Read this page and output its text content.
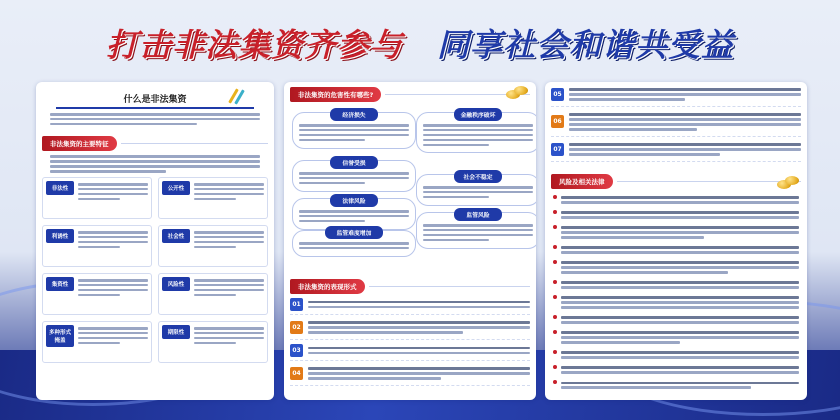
打击非法集资齐参与 同享社会和谐共受益
什么是非法集资
非法集资的主要特征
非法性	公开性
利诱性	社会性
集资性	风险性
多种形式掩盖
期限性
非法集资的危害性有哪些?
经济损失	金融秩序破坏
信誉受损
社会不稳定
法律风险
监管难度增加
监管风险
非法集资的表现形式
01
02
03
04
05
06
07
风险及相关法律
